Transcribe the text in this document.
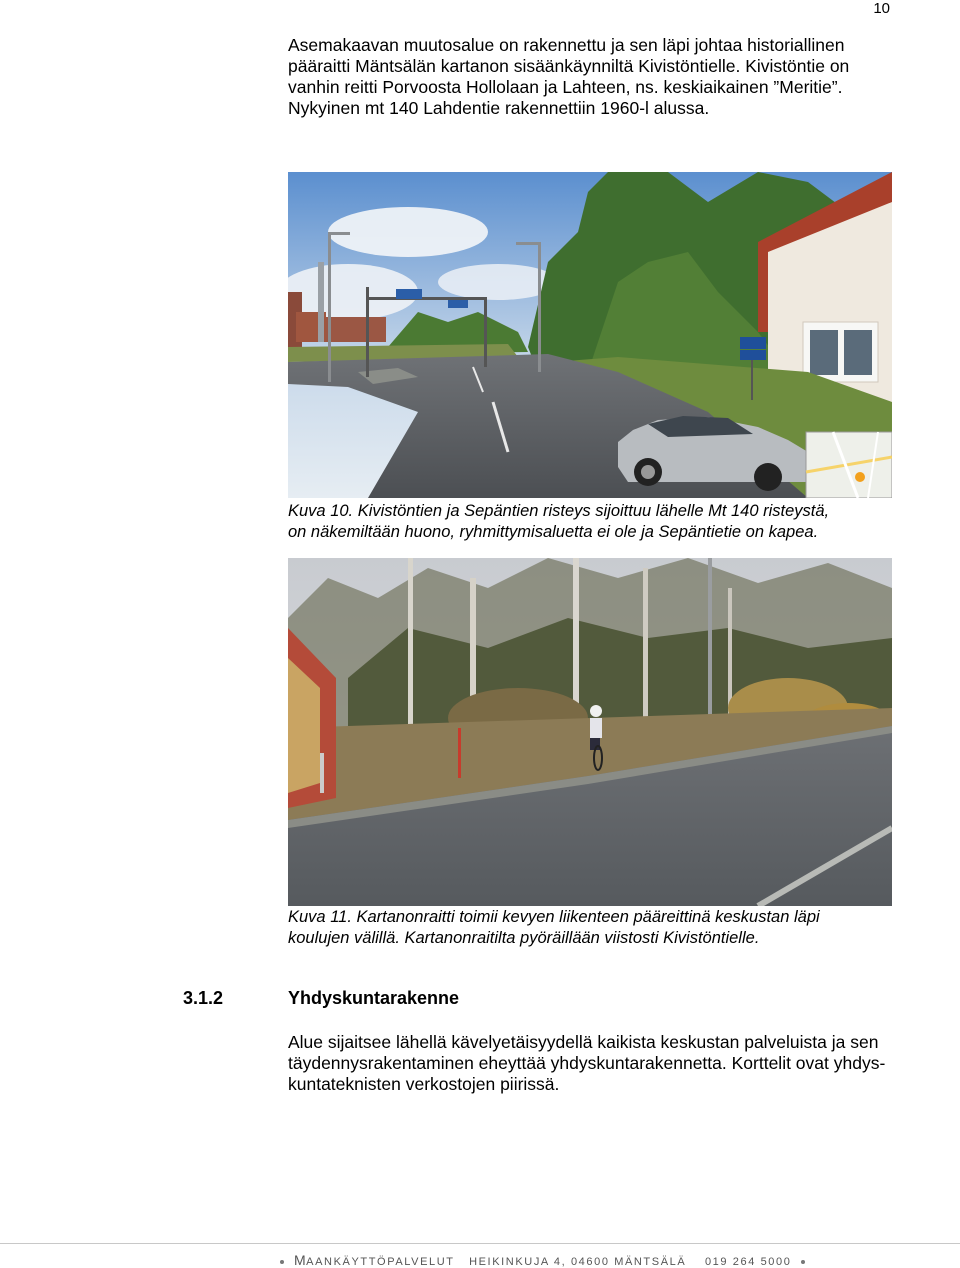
10
Asemakaavan muutosalue on rakennettu ja sen läpi johtaa historiallinen
pääraitti Mäntsälän kartanon sisäänkäynniltä Kivistöntielle. Kivistöntie on
vanhin reitti Porvoosta Hollolaan ja Lahteen, ns. keskiaikainen ”Meritie”.
Nykyinen mt 140 Lahdentie rakennettiin 1960-l alussa.
Kuva 10. Kivistöntien ja Sepäntien risteys sijoittuu lähelle Mt 140 risteystä,
on näkemiltään huono, ryhmittymisaluetta ei ole ja Sepäntietie on kapea.
Kuva 11. Kartanonraitti toimii kevyen liikenteen pääreittinä keskustan läpi
koulujen välillä. Kartanonraitilta pyöräillään viistosti Kivistöntielle.
3.1.2	Yhdyskuntarakenne
Alue sijaitsee lähellä kävelyetäisyydellä kaikista keskustan palveluista ja sen
täydennysrakentaminen eheyttää yhdyskuntarakennetta. Korttelit ovat yhdys-
kuntateknisten verkostojen piirissä.
MAANKÄYTTÖPALVELUT HEIKINKUJA 4, 04600 MÄNTSÄLÄ 019 264 5000
